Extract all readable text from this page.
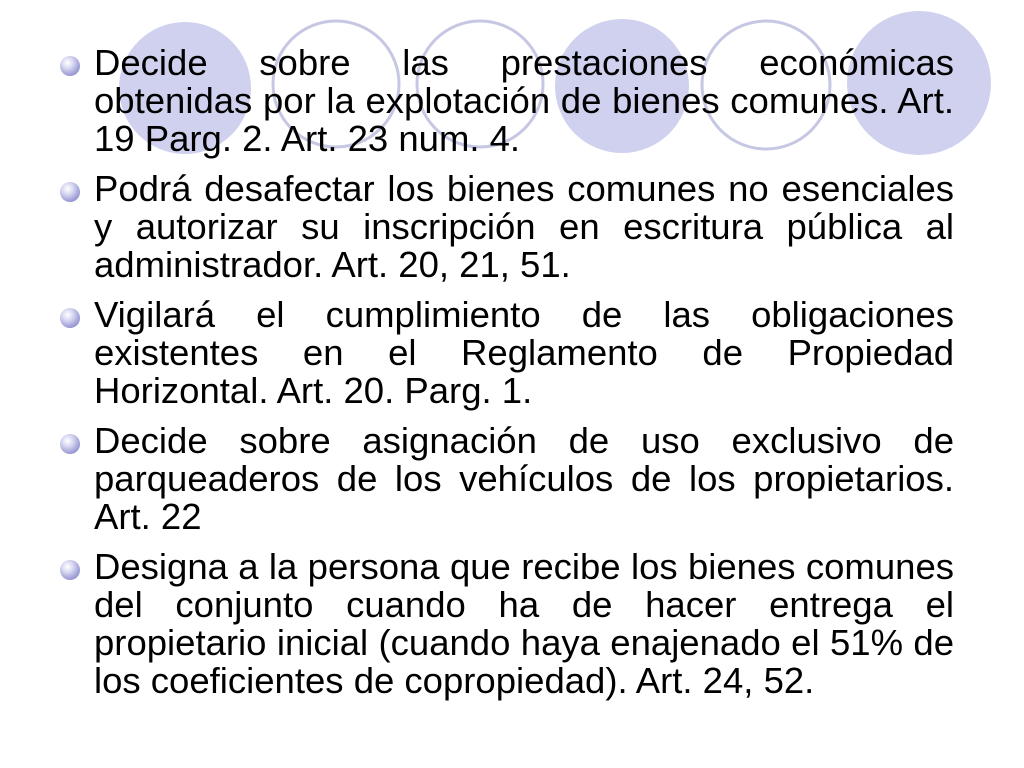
Decide sobre las prestaciones económicas obtenidas por la explotación de bienes comunes. Art. 19 Parg. 2. Art. 23 num. 4.
Podrá desafectar los bienes comunes no esenciales y autorizar su inscripción en escritura pública al administrador. Art. 20, 21, 51.
Vigilará el cumplimiento de las obligaciones existentes en el Reglamento de Propiedad Horizontal. Art. 20. Parg. 1.
Decide sobre asignación de uso exclusivo de parqueaderos de los vehículos de los propietarios. Art. 22
Designa a la persona que recibe los bienes comunes del conjunto cuando ha de hacer entrega el propietario inicial (cuando haya enajenado el 51% de los coeficientes de copropiedad). Art. 24, 52.
